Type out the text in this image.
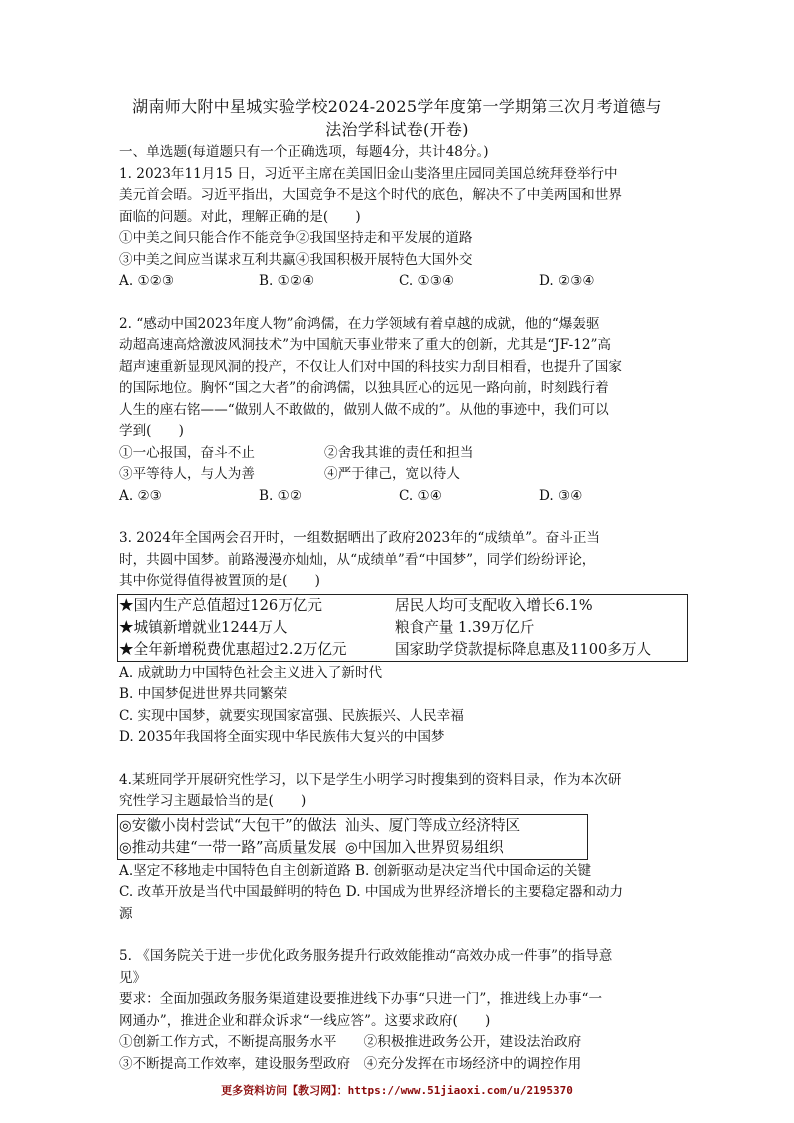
湖南师大附中星城实验学校2024-2025学年度第一学期第三次月考道德与
法治学科试卷(开卷)

一、单选题(每道题只有一个正确选项，每题4分，共计48分。)

1. 2023年11月15 日，习近平主席在美国旧金山斐洛里庄园同美国总统拜登举行中

美元首会晤。习近平指出，大国竞争不是这个时代的底色，解决不了中美两国和世界

面临的问题。对此，理解正确的是(　　)

①中美之间只能合作不能竞争②我国坚持走和平发展的道路

③中美之间应当谋求互利共赢④我国积极开展特色大国外交

A. ①②③	B. ①②④	C. ①③④	D. ②③④

2. “感动中国2023年度人物”俞鸿儒，在力学领域有着卓越的成就，他的“爆轰驱

动超高速高焓激波风洞技术”为中国航天事业带来了重大的创新，尤其是“JF-12”高

超声速重新显现风洞的投产，不仅让人们对中国的科技实力刮目相看，也提升了国家

的国际地位。胸怀“国之大者”的俞鸿儒，以独具匠心的远见一路向前，时刻践行着

人生的座右铭——“做别人不敢做的，做别人做不成的”。从他的事迹中，我们可以

学到(　　)

①一心报国，奋斗不止	②舍我其谁的责任和担当
③平等待人，与人为善	④严于律己，宽以待人
A. ②③	B. ①②	C. ①④	D. ③④

3. 2024年全国两会召开时，一组数据晒出了政府2023年的“成绩单”。奋斗正当

时，共圆中国梦。前路漫漫亦灿灿，从“成绩单”看“中国梦”，同学们纷纷评论，

其中你觉得值得被置顶的是(　　)

★国内生产总值超过126万亿元	居民人均可支配收入增长6.1%
★城镇新增就业1244万人	粮食产量 1.39万亿斤
★全年新增税费优惠超过2.2万亿元	国家助学贷款提标降息惠及1100多万人

A. 成就助力中国特色社会主义进入了新时代

B. 中国梦促进世界共同繁荣

C. 实现中国梦，就要实现国家富强、民族振兴、人民幸福

D. 2035年我国将全面实现中华民族伟大复兴的中国梦

4.某班同学开展研究性学习，以下是学生小明学习时搜集到的资料目录，作为本次研

究性学习主题最恰当的是(　　)

◎安徽小岗村尝试“大包干”的做法 汕头、厦门等成立经济特区
◎推动共建“一带一路”高质量发展 ◎中国加入世界贸易组织

A.坚定不移地走中国特色自主创新道路 B. 创新驱动是决定当代中国命运的关键

C. 改革开放是当代中国最鲜明的特色 D. 中国成为世界经济增长的主要稳定器和动力

源

5. 《国务院关于进一步优化政务服务提升行政效能推动“高效办成一件事”的指导意

见》

要求：全面加强政务服务渠道建设要推进线下办事“只进一门”，推进线上办事“一

网通办”，推进企业和群众诉求“一线应答”。这要求政府(　　)

①创新工作方式，不断提高服务水平　　②积极推进政务公开，建设法治政府

③不断提高工作效率，建设服务型政府　④充分发挥在市场经济中的调控作用

更多资料访问【教习网】：https://www.51jiaoxi.com/u/2195370
